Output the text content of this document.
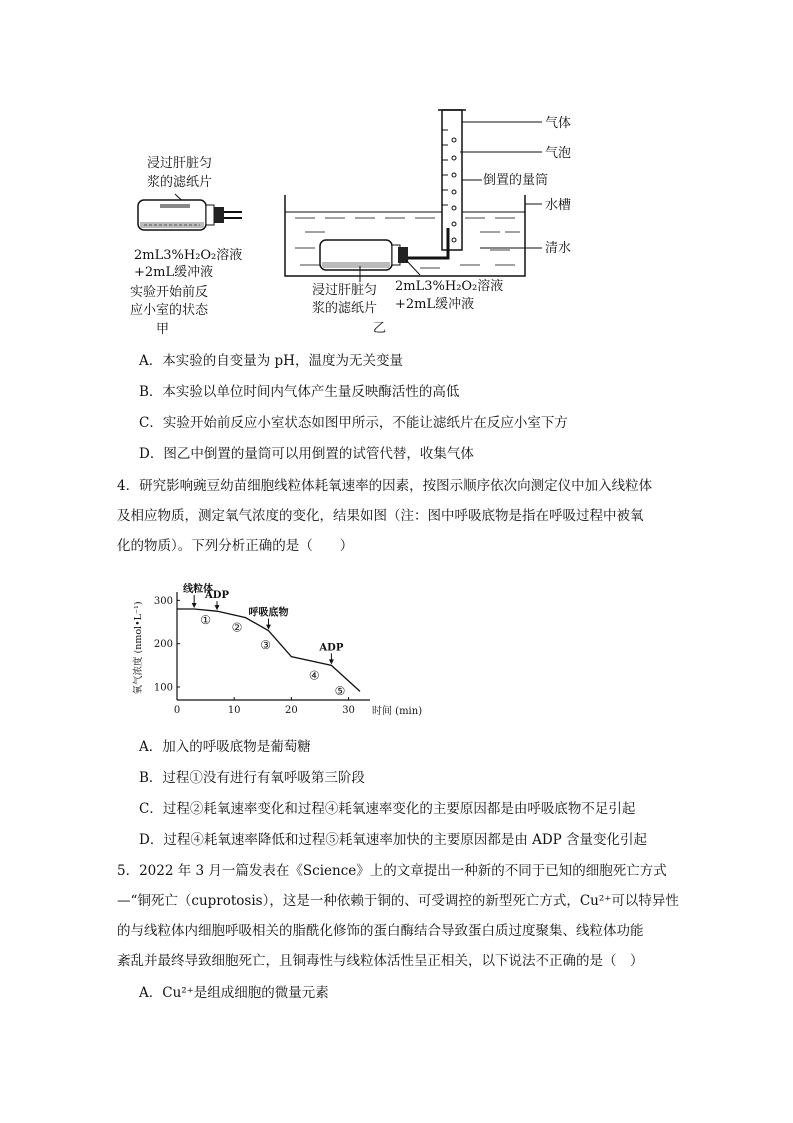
浸过肝脏匀
浆的滤纸片
2mL3%H₂O₂溶液
+2mL缓冲液
实验开始前反
应小室的状态
甲
气体
气泡
倒置的量筒
水槽
清水
浸过肝脏匀
浆的滤纸片
2mL3%H₂O₂溶液
+2mL缓冲液
乙
A．本实验的自变量为 pH，温度为无关变量
B．本实验以单位时间内气体产生量反映酶活性的高低
C．实验开始前反应小室状态如图甲所示，不能让滤纸片在反应小室下方
D．图乙中倒置的量筒可以用倒置的试管代替，收集气体
4．研究影响豌豆幼苗细胞线粒体耗氧速率的因素，按图示顺序依次向测定仪中加入线粒体
及相应物质，测定氧气浓度的变化，结果如图（注：图中呼吸底物是指在呼吸过程中被氧
化的物质）。下列分析正确的是（　　）
0	10	20	30
100
200
300
时间 (min)
氧气浓度 (nmol•L⁻¹)
线粒体
ADP
呼吸底物
ADP
①
②
③
④
⑤
A．加入的呼吸底物是葡萄糖
B．过程①没有进行有氧呼吸第三阶段
C．过程②耗氧速率变化和过程④耗氧速率变化的主要原因都是由呼吸底物不足引起
D．过程④耗氧速率降低和过程⑤耗氧速率加快的主要原因都是由 ADP 含量变化引起
5．2022 年 3 月一篇发表在《Science》上的文章提出一种新的不同于已知的细胞死亡方式
—“铜死亡（cuprotosis），这是一种依赖于铜的、可受调控的新型死亡方式，Cu²⁺可以特异性
的与线粒体内细胞呼吸相关的脂酰化修饰的蛋白酶结合导致蛋白质过度聚集、线粒体功能
紊乱并最终导致细胞死亡，且铜毒性与线粒体活性呈正相关，以下说法不正确的是（　）
A．Cu²⁺是组成细胞的微量元素
